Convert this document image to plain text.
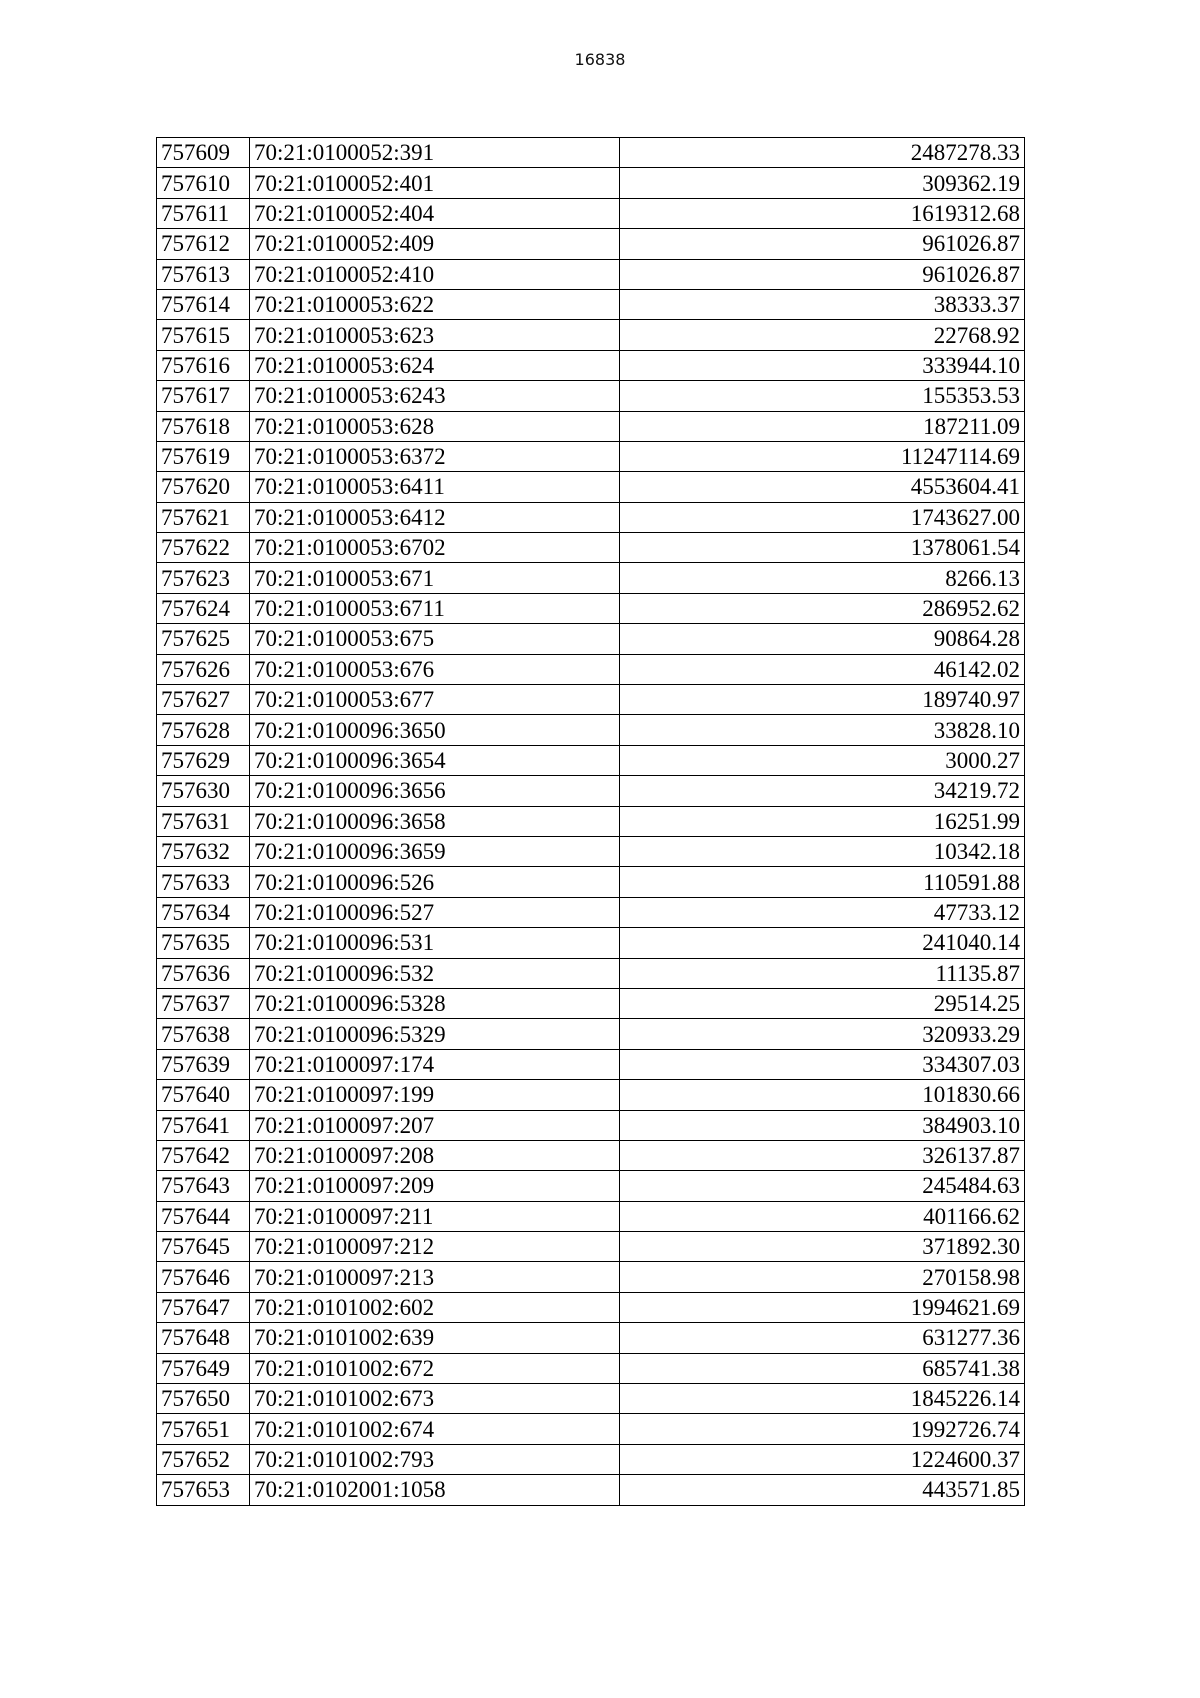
16838
757609	70:21:0100052:391	2487278.33
757610	70:21:0100052:401	309362.19
757611	70:21:0100052:404	1619312.68
757612	70:21:0100052:409	961026.87
757613	70:21:0100052:410	961026.87
757614	70:21:0100053:622	38333.37
757615	70:21:0100053:623	22768.92
757616	70:21:0100053:624	333944.10
757617	70:21:0100053:6243	155353.53
757618	70:21:0100053:628	187211.09
757619	70:21:0100053:6372	11247114.69
757620	70:21:0100053:6411	4553604.41
757621	70:21:0100053:6412	1743627.00
757622	70:21:0100053:6702	1378061.54
757623	70:21:0100053:671	8266.13
757624	70:21:0100053:6711	286952.62
757625	70:21:0100053:675	90864.28
757626	70:21:0100053:676	46142.02
757627	70:21:0100053:677	189740.97
757628	70:21:0100096:3650	33828.10
757629	70:21:0100096:3654	3000.27
757630	70:21:0100096:3656	34219.72
757631	70:21:0100096:3658	16251.99
757632	70:21:0100096:3659	10342.18
757633	70:21:0100096:526	110591.88
757634	70:21:0100096:527	47733.12
757635	70:21:0100096:531	241040.14
757636	70:21:0100096:532	11135.87
757637	70:21:0100096:5328	29514.25
757638	70:21:0100096:5329	320933.29
757639	70:21:0100097:174	334307.03
757640	70:21:0100097:199	101830.66
757641	70:21:0100097:207	384903.10
757642	70:21:0100097:208	326137.87
757643	70:21:0100097:209	245484.63
757644	70:21:0100097:211	401166.62
757645	70:21:0100097:212	371892.30
757646	70:21:0100097:213	270158.98
757647	70:21:0101002:602	1994621.69
757648	70:21:0101002:639	631277.36
757649	70:21:0101002:672	685741.38
757650	70:21:0101002:673	1845226.14
757651	70:21:0101002:674	1992726.74
757652	70:21:0101002:793	1224600.37
757653	70:21:0102001:1058	443571.85
